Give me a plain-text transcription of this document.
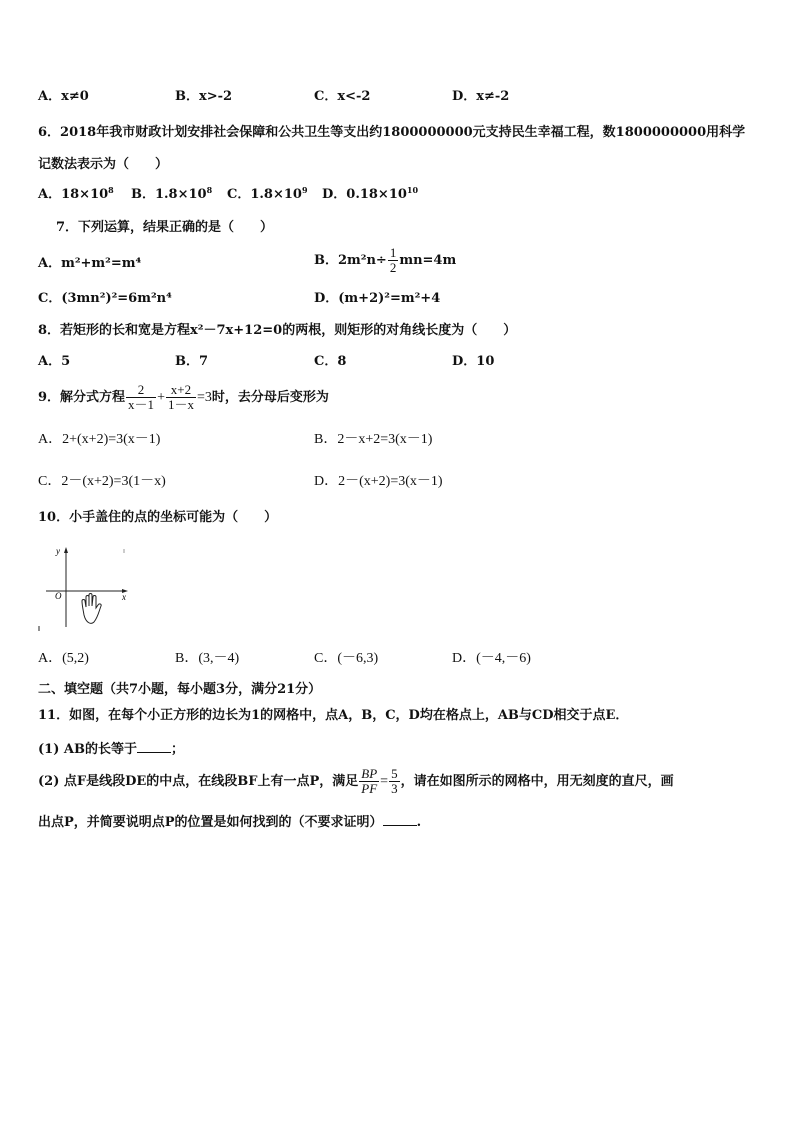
A．x≠0	B．x>-2	C．x<-2	D．x≠-2
6．2018年我市财政计划安排社会保障和公共卫生等支出约1800000000元支持民生幸福工程，数1800000000用科学
记数法表示为（　　）
A．$18\times 10^8$ B．$1.8\times 10^8$ C．$1.8\times 10^9$ D．$0.18\times 10^{10}$
7．下列运算，结果正确的是（　　）
A．m²+m²=m⁴	B．$2m^2n\div \frac{1}{2} mn=4m$
C．(3mn²)²=6m²n⁴	D．(m+2)²=m²+4
8．若矩形的长和宽是方程x²－7x+12=0的两根，则矩形的对角线长度为（　　）
A．5	B．7	C．8	D．10
9．解分式方程 $\frac{2}{x-1} + \frac{x+2}{1-x} =3$时，去分母后变形为
A．2+(x+2)=3(x－1)	B．2－x+2=3(x－1)
C．2－(x+2)=3(1－x)	D．2－(x+2)=3(x－1)
10．小手盖住的点的坐标可能为（　　）
y
x
O
A．(5,2)	B．(3,－4)	C．(－6,3)	D．(－4,－6)
二、填空题（共7小题，每小题3分，满分21分）
11．如图，在每个小正方形的边长为1的网格中，点A，B，C，D均在格点上，AB与CD相交于点E．
(1) AB的长等于	；
(2) 点F是线段DE的中点，在线段BF上有一点P，满足 $\frac{BP}{PF} = \frac{5}{3}$ ，请在如图所示的网格中，用无刻度的直尺，画
出点P，并简要说明点P的位置是如何找到的（不要求证明）	.
